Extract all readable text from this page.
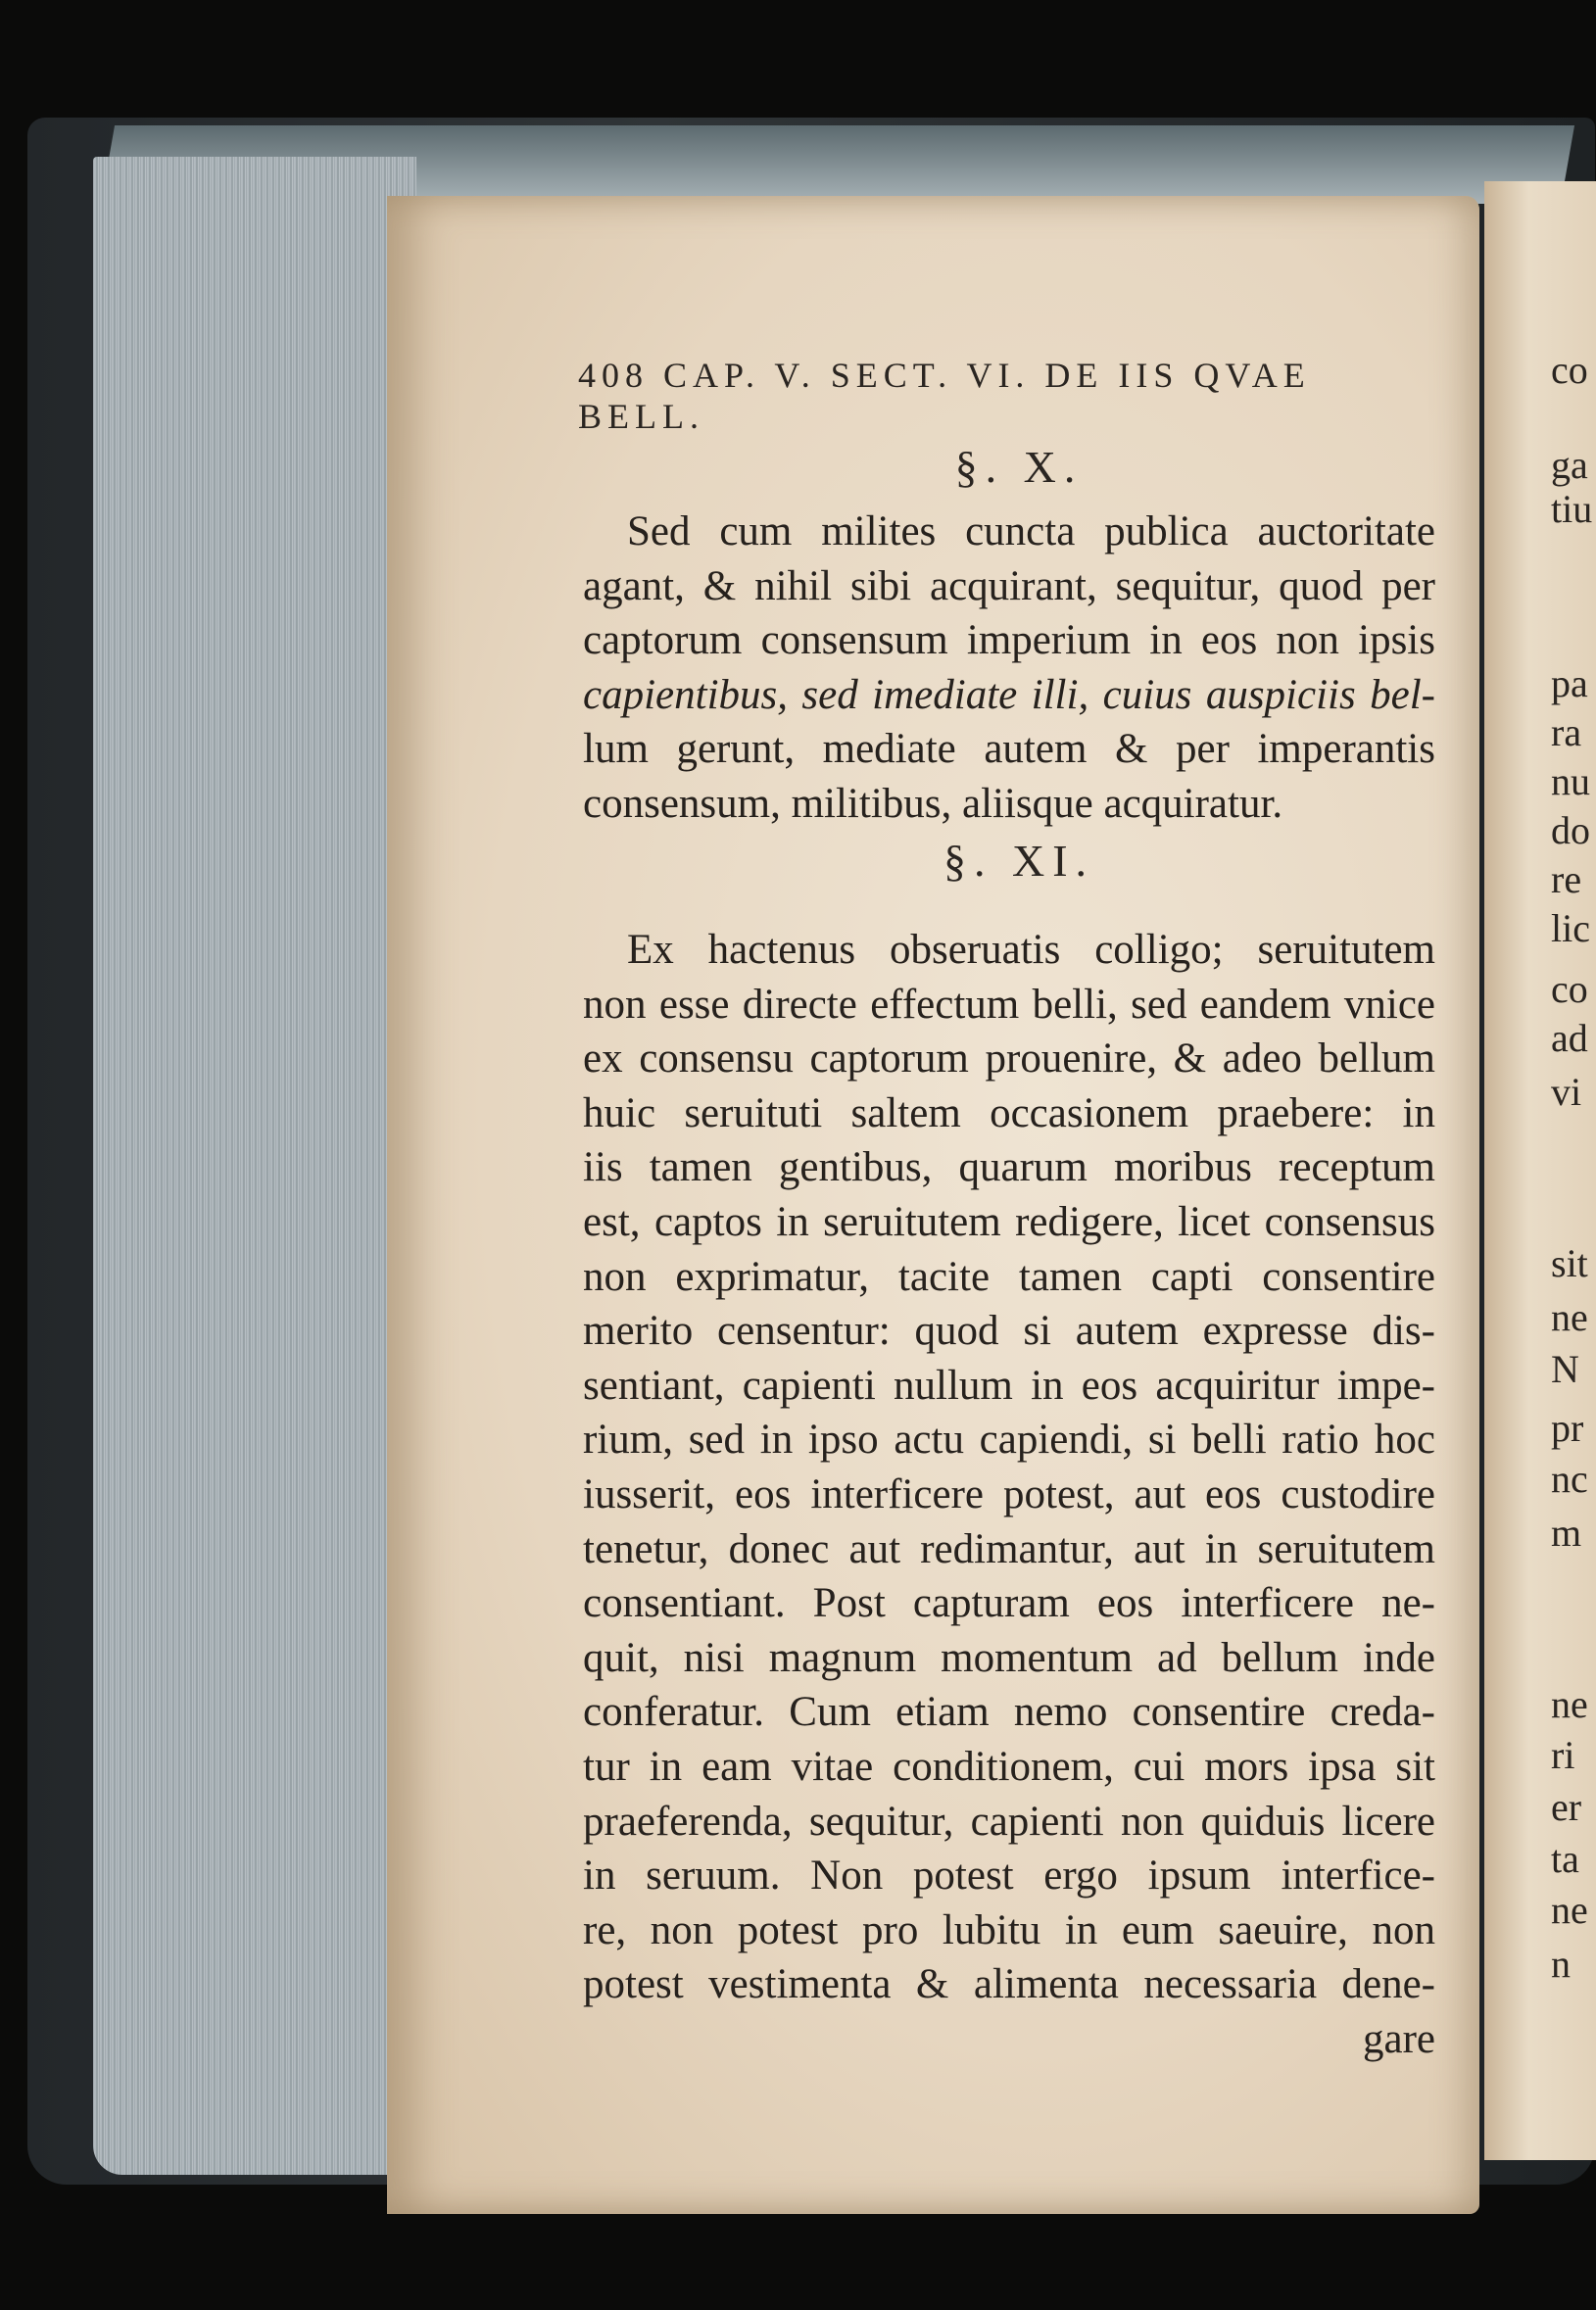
408 CAP. V. SECT. VI. DE IIS QVAE BELL.
§. X.
Sed cum milites cuncta publica auctoritate
agant, & nihil sibi acquirant, sequitur, quod per
captorum consensum imperium in eos non ipsis
capientibus, sed imediate illi, cuius auspiciis bel-
lum gerunt, mediate autem & per imperantis
consensum, militibus, aliisque acquiratur.
§. XI.
Ex hactenus obseruatis colligo; seruitutem
non esse directe effectum belli, sed eandem vnice
ex consensu captorum prouenire, & adeo bellum
huic seruituti saltem occasionem praebere: in
iis tamen gentibus, quarum moribus receptum
est, captos in seruitutem redigere, licet consensus
non exprimatur, tacite tamen capti consentire
merito censentur: quod si autem expresse dis-
sentiant, capienti nullum in eos acquiritur impe-
rium, sed in ipso actu capiendi, si belli ratio hoc
iusserit, eos interficere potest, aut eos custodire
tenetur, donec aut redimantur, aut in seruitutem
consentiant. Post capturam eos interficere ne-
quit, nisi magnum momentum ad bellum inde
conferatur. Cum etiam nemo consentire creda-
tur in eam vitae conditionem, cui mors ipsa sit
praeferenda, sequitur, capienti non quiduis licere
in seruum. Non potest ergo ipsum interfice-
re, non potest pro lubitu in eum saeuire, non
potest vestimenta & alimenta necessaria dene-
gare
co
ga
tiu
pa
ra
nu
do
re
lic
co
ad
vi
sit
ne
N
pr
nc
m
ne
ri
er
ta
ne
n
